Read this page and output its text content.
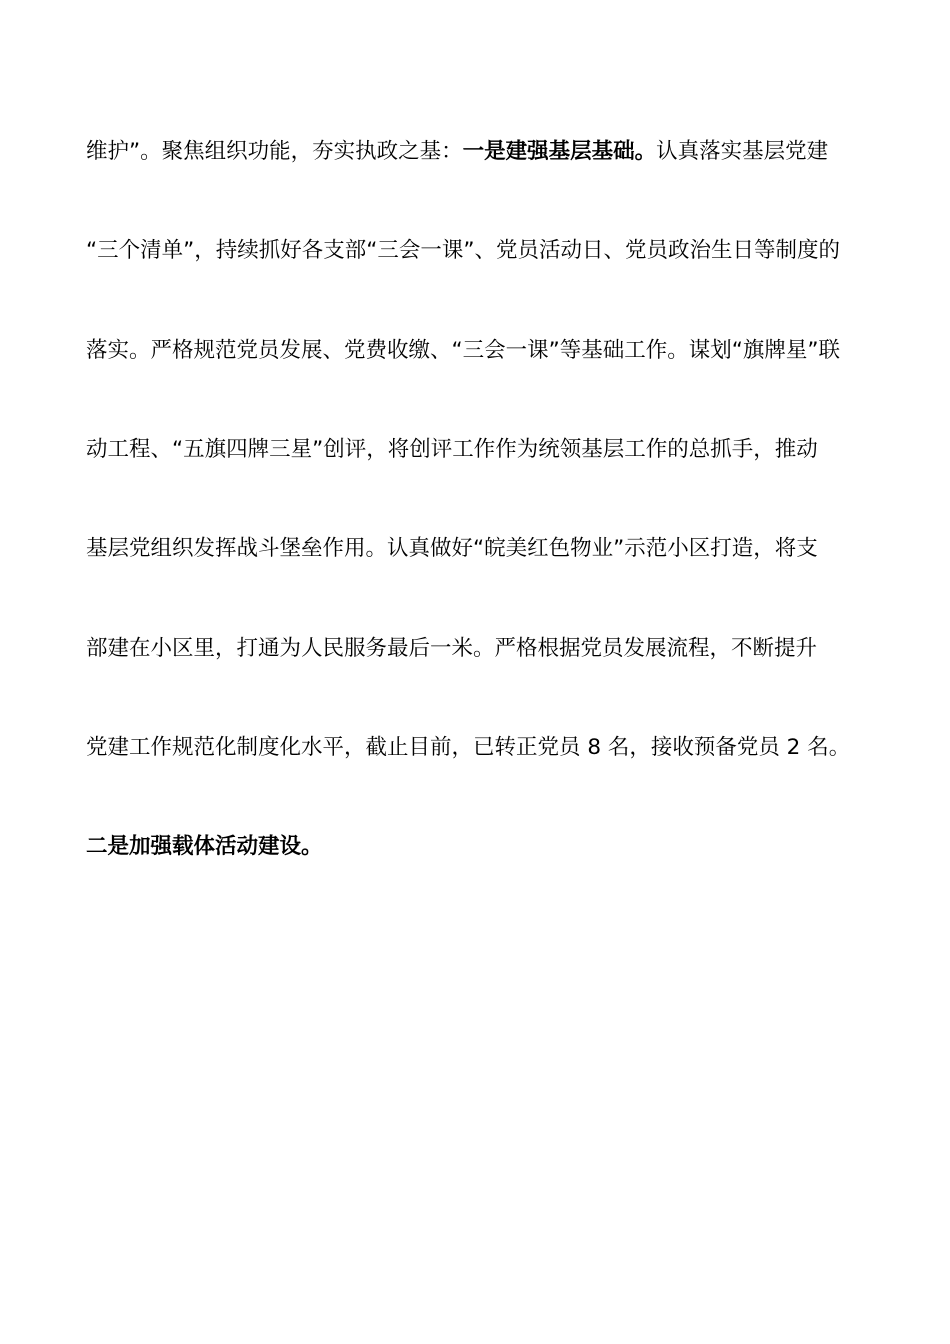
维护”。聚焦组织功能，夯实执政之基：一是建强基层基础。认真落实基层党建
“三个清单”，持续抓好各支部“三会一课”、党员活动日、党员政治生日等制度的
落实。严格规范党员发展、党费收缴、“三会一课”等基础工作。谋划“旗牌星”联
动工程、“五旗四牌三星”创评，将创评工作作为统领基层工作的总抓手，推动
基层党组织发挥战斗堡垒作用。认真做好“皖美红色物业”示范小区打造，将支
部建在小区里，打通为人民服务最后一米。严格根据党员发展流程，不断提升
党建工作规范化制度化水平，截止目前，已转正党员 8 名，接收预备党员 2 名。
二是加强载体活动建设。
